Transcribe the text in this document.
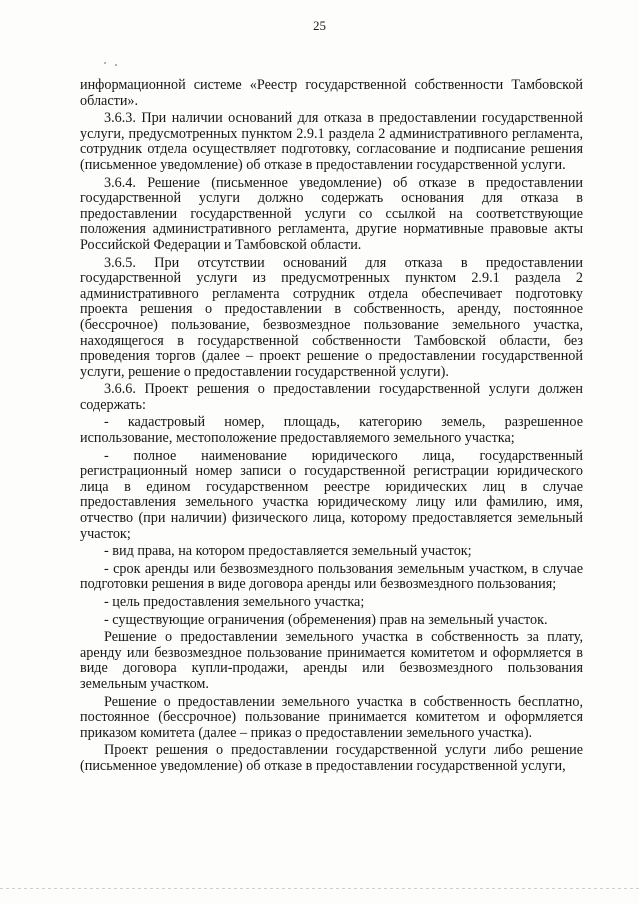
25

информационной системе «Реестр государственной собственности Тамбовской области».

3.6.3. При наличии оснований для отказа в предоставлении государственной услуги, предусмотренных пунктом 2.9.1 раздела 2 административного регламента, сотрудник отдела осуществляет подготовку, согласование и подписание решения (письменное уведомление) об отказе в предоставлении государственной услуги.

3.6.4. Решение (письменное уведомление) об отказе в предоставлении государственной услуги должно содержать основания для отказа в предоставлении государственной услуги со ссылкой на соответствующие положения административного регламента, другие нормативные правовые акты Российской Федерации и Тамбовской области.

3.6.5. При отсутствии оснований для отказа в предоставлении государственной услуги из предусмотренных пунктом 2.9.1 раздела 2 административного регламента сотрудник отдела обеспечивает подготовку проекта решения о предоставлении в собственность, аренду, постоянное (бессрочное) пользование, безвозмездное пользование земельного участка, находящегося в государственной собственности Тамбовской области, без проведения торгов (далее – проект решение о предоставлении государственной услуги, решение о предоставлении государственной услуги).

3.6.6. Проект решения о предоставлении государственной услуги должен содержать:

- кадастровый номер, площадь, категорию земель, разрешенное использование, местоположение предоставляемого земельного участка;

- полное наименование юридического лица, государственный регистрационный номер записи о государственной регистрации юридического лица в едином государственном реестре юридических лиц в случае предоставления земельного участка юридическому лицу или фамилию, имя, отчество (при наличии) физического лица, которому предоставляется земельный участок;

- вид права, на котором предоставляется земельный участок;

- срок аренды или безвозмездного пользования земельным участком, в случае подготовки решения в виде договора аренды или безвозмездного пользования;

- цель предоставления земельного участка;

- существующие ограничения (обременения) прав на земельный участок.

Решение о предоставлении земельного участка в собственность за плату, аренду или безвозмездное пользование принимается комитетом и оформляется в виде договора купли-продажи, аренды или безвозмездного пользования земельным участком.

Решение о предоставлении земельного участка в собственность бесплатно, постоянное (бессрочное) пользование принимается комитетом и оформляется приказом комитета (далее – приказ о предоставлении земельного участка).

Проект решения о предоставлении государственной услуги либо решение (письменное уведомление) об отказе в предоставлении государственной услуги,
